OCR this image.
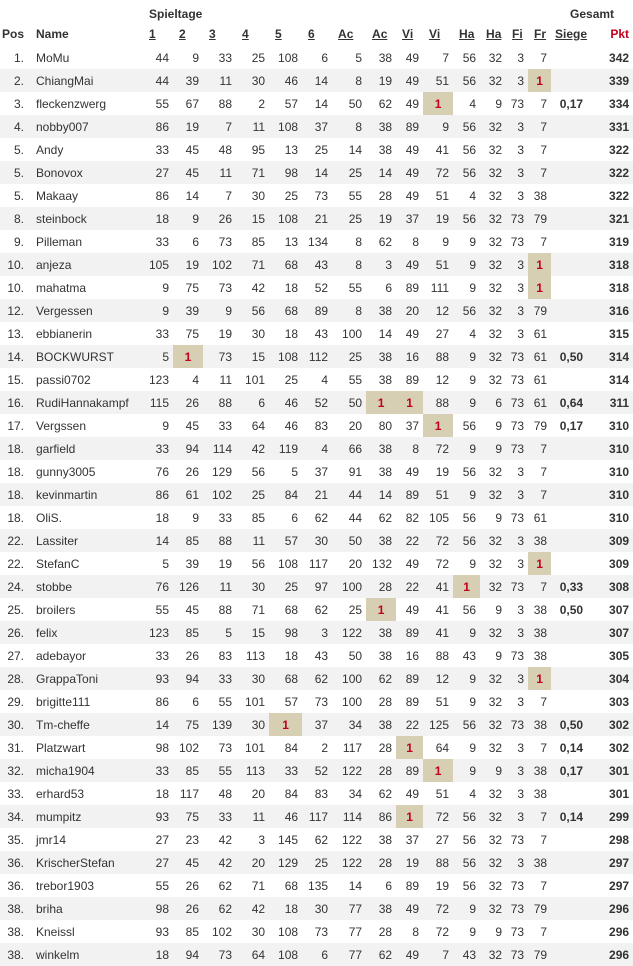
		Spieltage														Gesamt	
Pos	Name	1	2	3	4	5	6	Ac	Ac	Vi	Vi	Ha	Ha	Fi	Fr	Siege	Pkt
1.	MoMu	44	9	33	25	108	6	5	38	49	7	56	32	3	7		342
2.	ChiangMai	44	39	11	30	46	14	8	19	49	51	56	32	3	1		339
3.	fleckenzwerg	55	67	88	2	57	14	50	62	49	1	4	9	73	7	0,17	334
4.	nobby007	86	19	7	11	108	37	8	38	89	9	56	32	3	7		331
5.	Andy	33	45	48	95	13	25	14	38	49	41	56	32	3	7		322
5.	Bonovox	27	45	11	71	98	14	25	14	49	72	56	32	3	7		322
5.	Makaay	86	14	7	30	25	73	55	28	49	51	4	32	3	38		322
8.	steinbock	18	9	26	15	108	21	25	19	37	19	56	32	73	79		321
9.	Pilleman	33	6	73	85	13	134	8	62	8	9	9	32	73	7		319
10.	anjeza	105	19	102	71	68	43	8	3	49	51	9	32	3	1		318
10.	mahatma	9	75	73	42	18	52	55	6	89	111	9	32	3	1		318
12.	Vergessen	9	39	9	56	68	89	8	38	20	12	56	32	3	79		316
13.	ebbianerin	33	75	19	30	18	43	100	14	49	27	4	32	3	61		315
14.	BOCKWURST	5	1	73	15	108	112	25	38	16	88	9	32	73	61	0,50	314
15.	passi0702	123	4	11	101	25	4	55	38	89	12	9	32	73	61		314
16.	RudiHannakampf	115	26	88	6	46	52	50	1	1	88	9	6	73	61	0,64	311
17.	Vergssen	9	45	33	64	46	83	20	80	37	1	56	9	73	79	0,17	310
18.	garfield	33	94	114	42	119	4	66	38	8	72	9	9	73	7		310
18.	gunny3005	76	26	129	56	5	37	91	38	49	19	56	32	3	7		310
18.	kevinmartin	86	61	102	25	84	21	44	14	89	51	9	32	3	7		310
18.	OliS.	18	9	33	85	6	62	44	62	82	105	56	9	73	61		310
22.	Lassiter	14	85	88	11	57	30	50	38	22	72	56	32	3	38		309
22.	StefanC	5	39	19	56	108	117	20	132	49	72	9	32	3	1		309
24.	stobbe	76	126	11	30	25	97	100	28	22	41	1	32	73	7	0,33	308
25.	broilers	55	45	88	71	68	62	25	1	49	41	56	9	3	38	0,50	307
26.	felix	123	85	5	15	98	3	122	38	89	41	9	32	3	38		307
27.	adebayor	33	26	83	113	18	43	50	38	16	88	43	9	73	38		305
28.	GrappaToni	93	94	33	30	68	62	100	62	89	12	9	32	3	1		304
29.	brigitte111	86	6	55	101	57	73	100	28	89	51	9	32	3	7		303
30.	Tm-cheffe	14	75	139	30	1	37	34	38	22	125	56	32	73	38	0,50	302
31.	Platzwart	98	102	73	101	84	2	117	28	1	64	9	32	3	7	0,14	302
32.	micha1904	33	85	55	113	33	52	122	28	89	1	9	9	3	38	0,17	301
33.	erhard53	18	117	48	20	84	83	34	62	49	51	4	32	3	38		301
34.	mumpitz	93	75	33	11	46	117	114	86	1	72	56	32	3	7	0,14	299
35.	jmr14	27	23	42	3	145	62	122	38	37	27	56	32	73	7		298
36.	KrischerStefan	27	45	42	20	129	25	122	28	19	88	56	32	3	38		297
36.	trebor1903	55	26	62	71	68	135	14	6	89	19	56	32	73	7		297
38.	briha	98	26	62	42	18	30	77	38	49	72	9	32	73	79		296
38.	Kneissl	93	85	102	30	108	73	77	28	8	72	9	9	73	7		296
38.	winkelm	18	94	73	64	108	6	77	62	49	7	43	32	73	79		296
